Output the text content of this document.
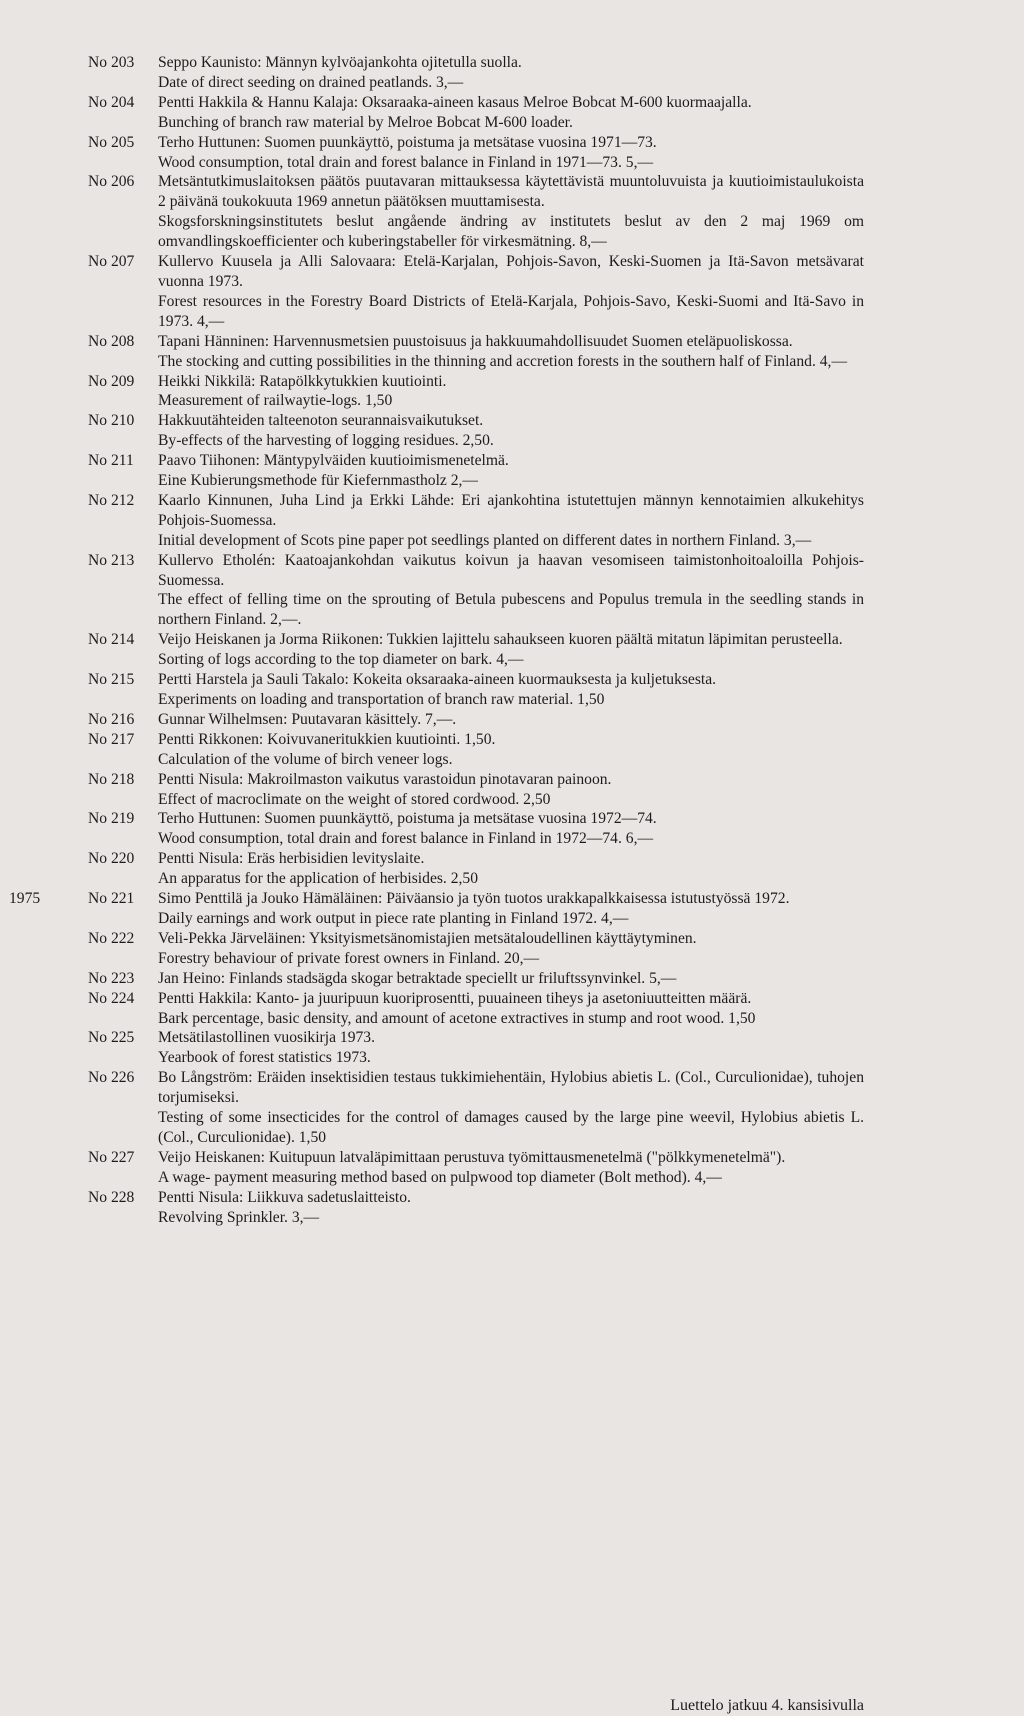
1975
No 203	Seppo Kaunisto: Männyn kylvöajankohta ojitetulla suolla.
Date of direct seeding on drained peatlands. 3,—
No 204	Pentti Hakkila & Hannu Kalaja: Oksaraaka-aineen kasaus Melroe Bobcat M-600 kuormaajalla.
Bunching of branch raw material by Melroe Bobcat M-600 loader.
No 205	Terho Huttunen: Suomen puunkäyttö, poistuma ja metsätase vuosina 1971—73.
Wood consumption, total drain and forest balance in Finland in 1971—73. 5,—
No 206	Metsäntutkimuslaitoksen päätös puutavaran mittauksessa käytettävistä muuntoluvuista ja kuutioimistaulukoista 2 päivänä toukokuuta 1969 annetun päätöksen muuttamisesta.
Skogsforskningsinstitutets beslut angående ändring av institutets beslut av den 2 maj 1969 om omvandlingskoefficienter och kuberingstabeller för virkesmätning. 8,—
No 207	Kullervo Kuusela ja Alli Salovaara: Etelä-Karjalan, Pohjois-Savon, Keski-Suomen ja Itä-Savon metsävarat vuonna 1973.
Forest resources in the Forestry Board Districts of Etelä-Karjala, Pohjois-Savo, Keski-Suomi and Itä-Savo in 1973. 4,—
No 208	Tapani Hänninen: Harvennusmetsien puustoisuus ja hakkuumahdollisuudet Suomen eteläpuoliskossa.
The stocking and cutting possibilities in the thinning and accretion forests in the southern half of Finland. 4,—
No 209	Heikki Nikkilä: Ratapölkkytukkien kuutiointi.
Measurement of railwaytie-logs. 1,50
No 210	Hakkuutähteiden talteenoton seurannaisvaikutukset.
By-effects of the harvesting of logging residues. 2,50.
No 211	Paavo Tiihonen: Mäntypylväiden kuutioimismenetelmä.
Eine Kubierungsmethode für Kiefernmastholz 2,—
No 212	Kaarlo Kinnunen, Juha Lind ja Erkki Lähde: Eri ajankohtina istutettujen männyn kennotaimien alkukehitys Pohjois-Suomessa.
Initial development of Scots pine paper pot seedlings planted on different dates in northern Finland. 3,—
No 213	Kullervo Etholén: Kaatoajankohdan vaikutus koivun ja haavan vesomiseen taimistonhoitoalоilla Pohjois-Suomessa.
The effect of felling time on the sprouting of Betula pubescens and Populus tremula in the seedling stands in northern Finland. 2,—.
No 214	Veijo Heiskanen ja Jorma Riikonen: Tukkien lajittelu sahaukseen kuoren päältä mitatun läpimitan perusteella.
Sorting of logs according to the top diameter on bark. 4,—
No 215	Pertti Harstela ja Sauli Takalo: Kokeita oksaraaka-aineen kuormauksesta ja kuljetuksesta.
Experiments on loading and transportation of branch raw material. 1,50
No 216	Gunnar Wilhelmsen: Puutavaran käsittely. 7,—.
No 217	Pentti Rikkonen: Koivuvaneritukkien kuutiointi. 1,50.
Calculation of the volume of birch veneer logs.
No 218	Pentti Nisula: Makroilmaston vaikutus varastoidun pinotavaran painoon.
Effect of macroclimate on the weight of stored cordwood. 2,50
No 219	Terho Huttunen: Suomen puunkäyttö, poistuma ja metsätase vuosina 1972—74.
Wood consumption, total drain and forest balance in Finland in 1972—74. 6,—
No 220	Pentti Nisula: Eräs herbisidien levityslaite.
An apparatus for the application of herbisides. 2,50
No 221	Simo Penttilä ja Jouko Hämäläinen: Päiväansio ja työn tuotos urakkapalkkaisessa istutustyössä 1972.
Daily earnings and work output in piece rate planting in Finland 1972. 4,—
No 222	Veli-Pekka Järveläinen: Yksityismetsänomistajien metsätaloudellinen käyttäytyminen.
Forestry behaviour of private forest owners in Finland. 20,—
No 223	Jan Heino: Finlands stadsägda skogar betraktade speciellt ur friluftssynvinkel. 5,—
No 224	Pentti Hakkila: Kanto- ja juuripuun kuoriprosentti, puuaineen tiheys ja asetoniuutteitten määrä.
Bark percentage, basic density, and amount of acetone extractives in stump and root wood. 1,50
No 225	Metsätilastollinen vuosikirja 1973.
Yearbook of forest statistics 1973.
No 226	Bo Långström: Eräiden insektisidien testaus tukkimiehentäin, Hylobius abietis L. (Col., Curculionidae), tuhojen torjumiseksi.
Testing of some insecticides for the control of damages caused by the large pine weevil, Hylobius abietis L. (Col., Curculionidae). 1,50
No 227	Veijo Heiskanen: Kuitupuun latvaläpimittaan perustuva työmittausmenetelmä ("pölkkymenetelmä").
A wage- payment measuring method based on pulpwood top diameter (Bolt method). 4,—
No 228	Pentti Nisula: Liikkuva sadetuslaitteisto.
Revolving Sprinkler. 3,—
Luettelo jatkuu 4. kansisivulla
